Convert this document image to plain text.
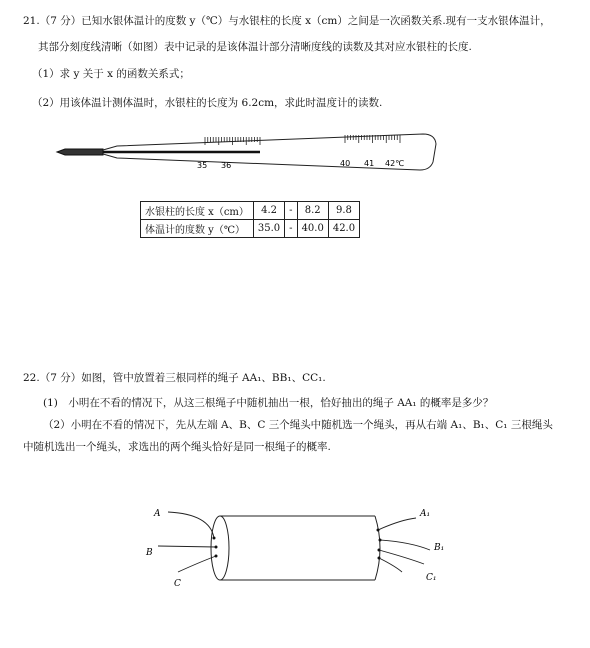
21.（7 分）已知水银体温计的度数 y（℃）与水银柱的长度 x（cm）之间是一次函数关系.现有一支水银体温计，
其部分刻度线清晰（如图）表中记录的是该体温计部分清晰度线的读数及其对应水银柱的长度.
（1）求 y 关于 x 的函数关系式；
（2）用该体温计测体温时，水银柱的长度为 6.2cm，求此时温度计的读数.
35 36	40 41 42℃
水银柱的长度 x（cm）	4.2	-	8.2	9.8
体温计的度数 y（℃）	35.0	-	40.0	42.0
22.（7 分）如图，管中放置着三根同样的绳子 AA₁、BB₁、CC₁.
(1)　小明在不看的情况下，从这三根绳子中随机抽出一根，恰好抽出的绳子 AA₁ 的概率是多少？
（2）小明在不看的情况下，先从左端 A、B、C 三个绳头中随机选一个绳头，再从右端 A₁、B₁、C₁ 三根绳头
中随机选出一个绳头，求选出的两个绳头恰好是同一根绳子的概率.
A
B
C
A₁
B₁
C₁
